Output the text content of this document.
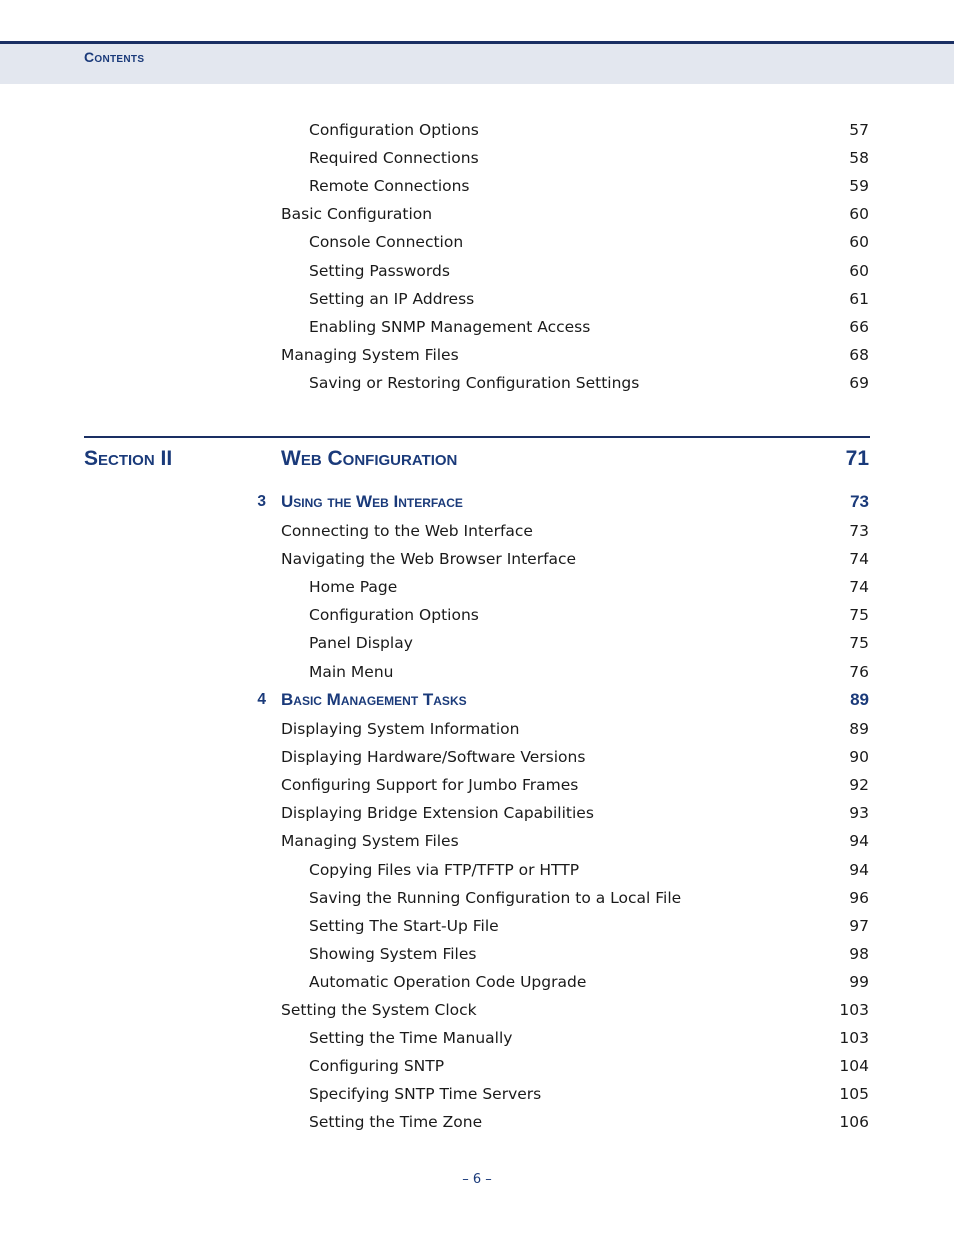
Contents
Configuration Options	57
Required Connections	58
Remote Connections	59
Basic Configuration	60
Console Connection	60
Setting Passwords	60
Setting an IP Address	61
Enabling SNMP Management Access	66
Managing System Files	68
Saving or Restoring Configuration Settings	69
Section II	Web Configuration	71
3 Using the Web Interface	73
Connecting to the Web Interface	73
Navigating the Web Browser Interface	74
Home Page	74
Configuration Options	75
Panel Display	75
Main Menu	76
4 Basic Management Tasks	89
Displaying System Information	89
Displaying Hardware/Software Versions	90
Configuring Support for Jumbo Frames	92
Displaying Bridge Extension Capabilities	93
Managing System Files	94
Copying Files via FTP/TFTP or HTTP	94
Saving the Running Configuration to a Local File	96
Setting The Start-Up File	97
Showing System Files	98
Automatic Operation Code Upgrade	99
Setting the System Clock	103
Setting the Time Manually	103
Configuring SNTP	104
Specifying SNTP Time Servers	105
Setting the Time Zone	106
– 6 –
